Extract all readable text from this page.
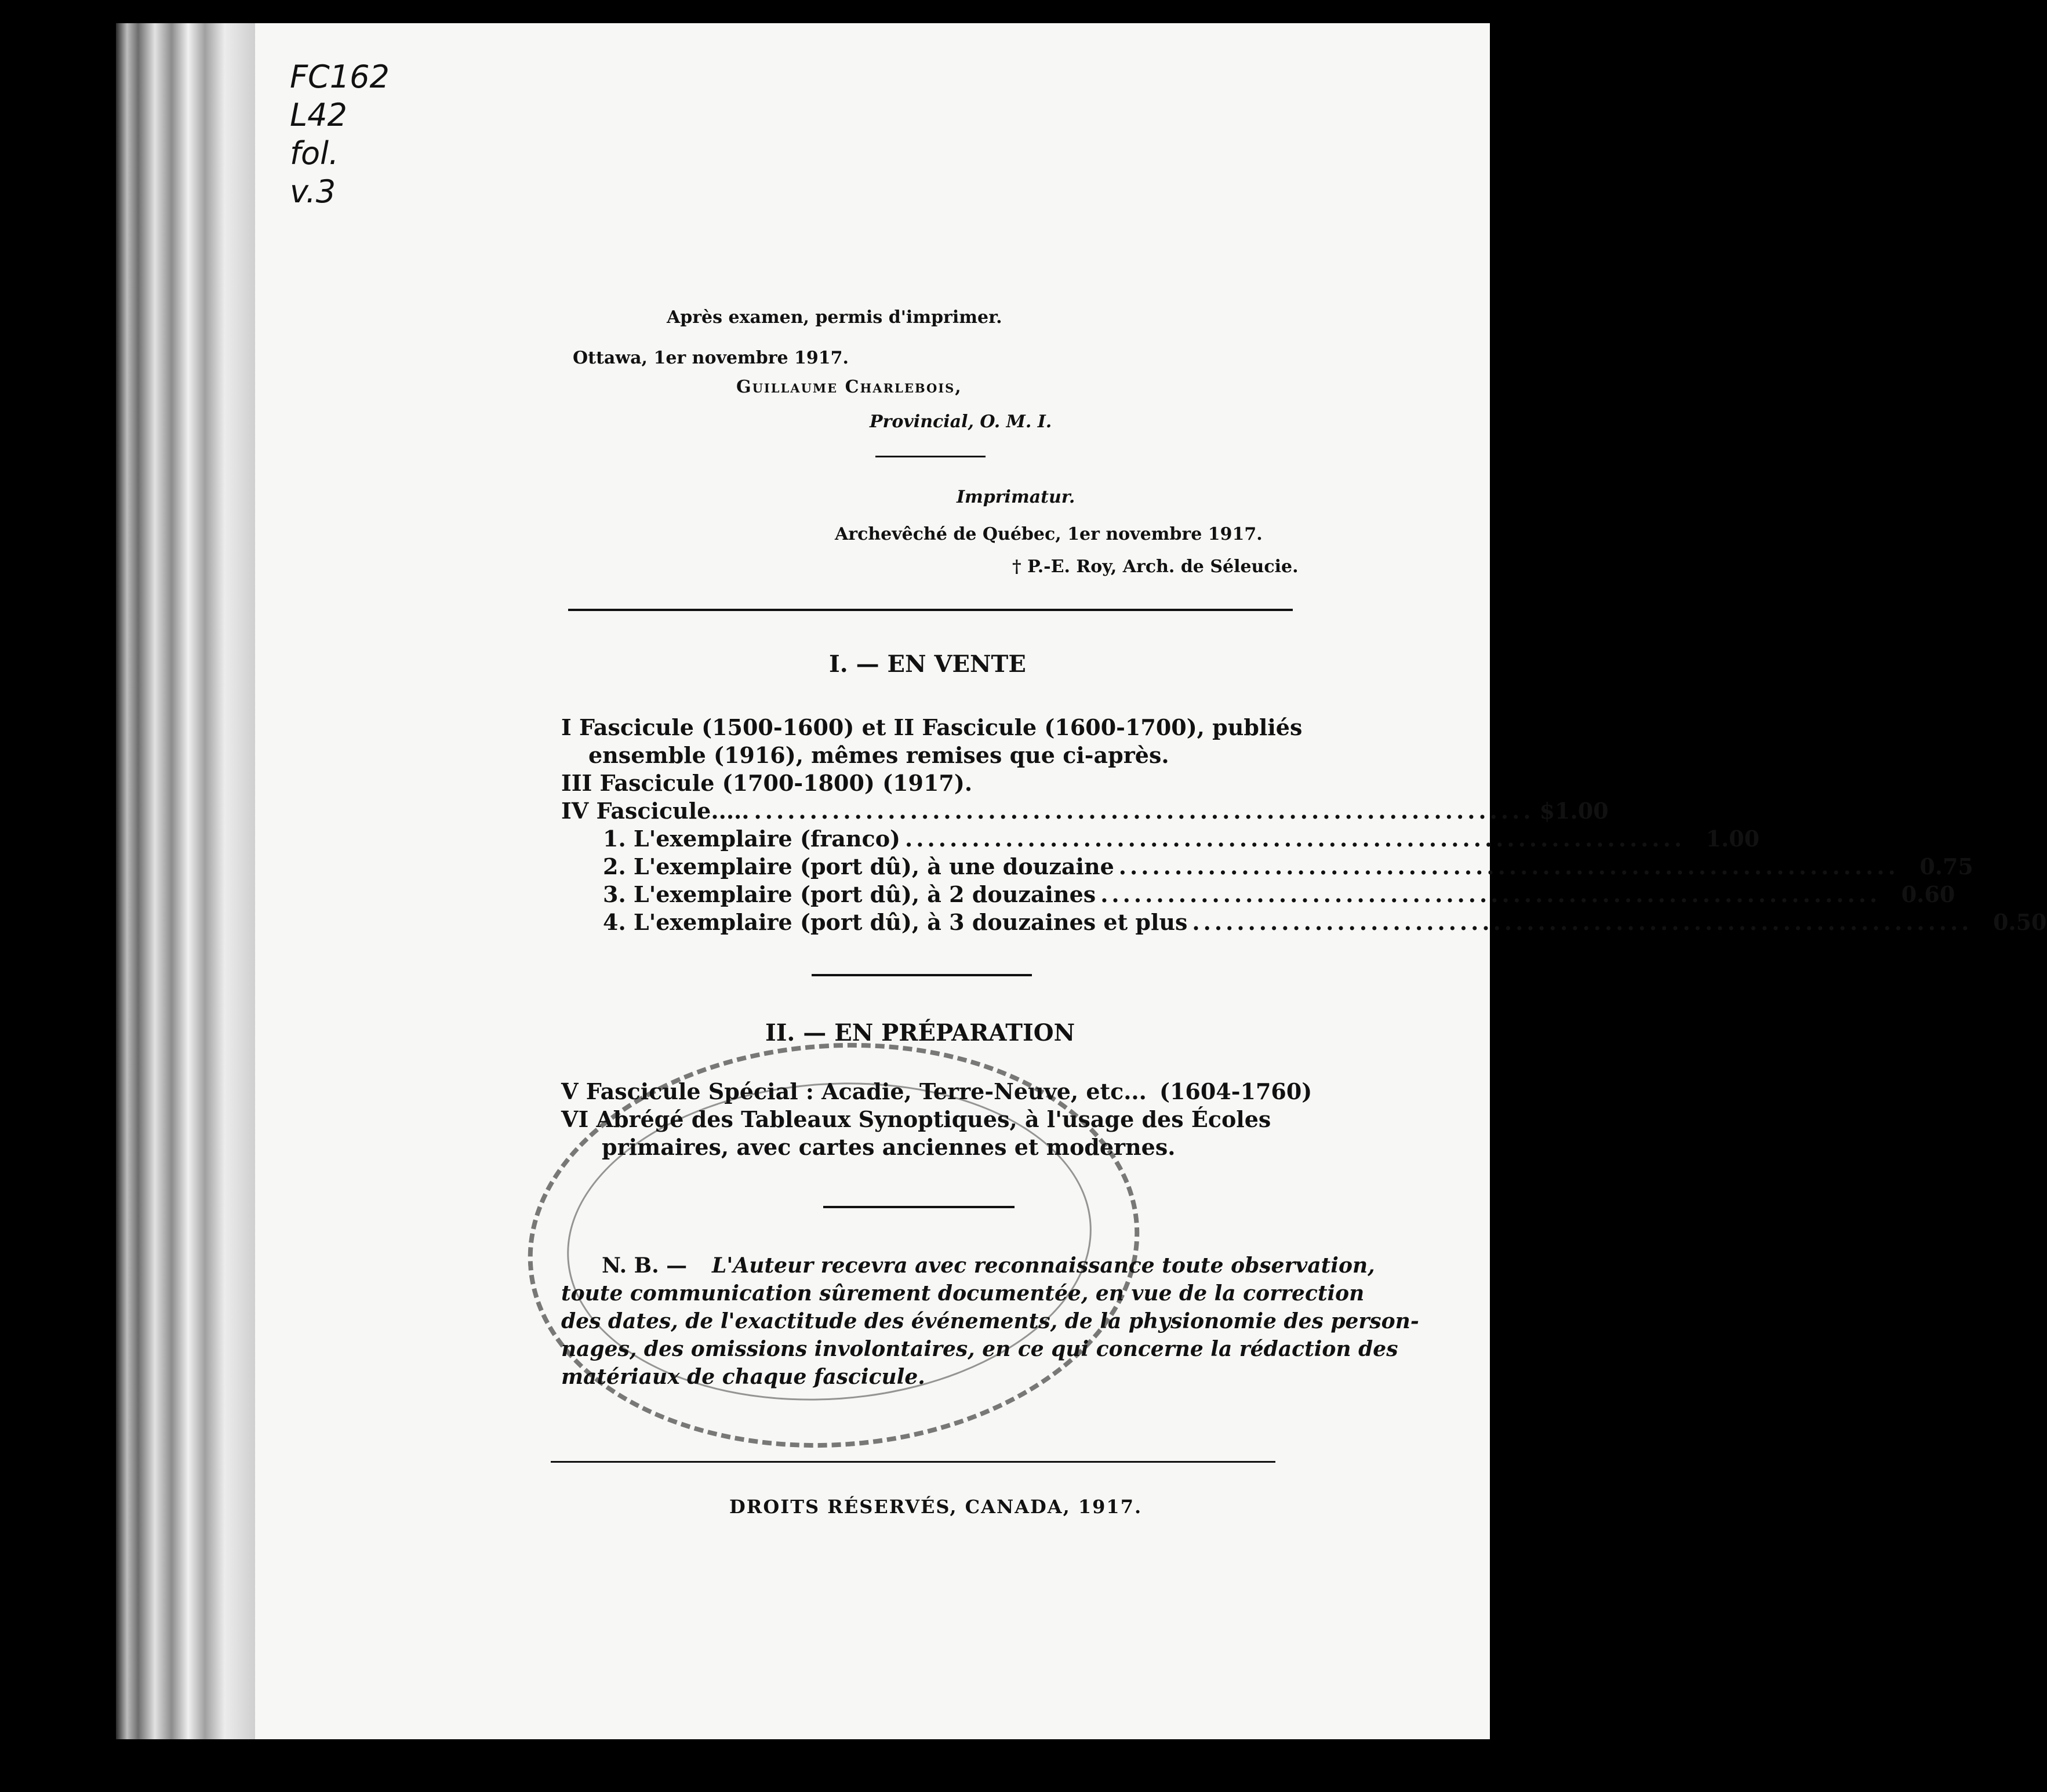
FC162
L42
fol.
v.3
Après examen, permis d'imprimer.
Ottawa, 1er novembre 1917.
Guillaume Charlebois,
Provincial, O. M. I.
Imprimatur.
Archevêché de Québec, 1er novembre 1917.
† P.-E. Roy, Arch. de Séleucie.
I. — EN VENTE
I Fascicule (1500-1600) et II Fascicule (1600-1700), publiés
ensemble (1916), mêmes remises que ci-après.
III Fascicule (1700-1800) (1917).
IV Fascicule..... ...................................................................... $1.00
1. L'exemplaire (franco) ...................................................................... 1.00
2. L'exemplaire (port dû), à une douzaine ...................................................................... 0.75
3. L'exemplaire (port dû), à 2 douzaines ...................................................................... 0.60
4. L'exemplaire (port dû), à 3 douzaines et plus ...................................................................... 0.50
II. — EN PRÉPARATION
V Fascicule Spécial : Acadie, Terre-Neuve, etc... (1604-1760)
VI Abrégé des Tableaux Synoptiques, à l'usage des Écoles
primaires, avec cartes anciennes et modernes.
N. B. — L'Auteur recevra avec reconnaissance toute observation,
toute communication sûrement documentée, en vue de la correction
des dates, de l'exactitude des événements, de la physionomie des person-
nages, des omissions involontaires, en ce qui concerne la rédaction des
matériaux de chaque fascicule.
DROITS RÉSERVÉS, CANADA, 1917.
